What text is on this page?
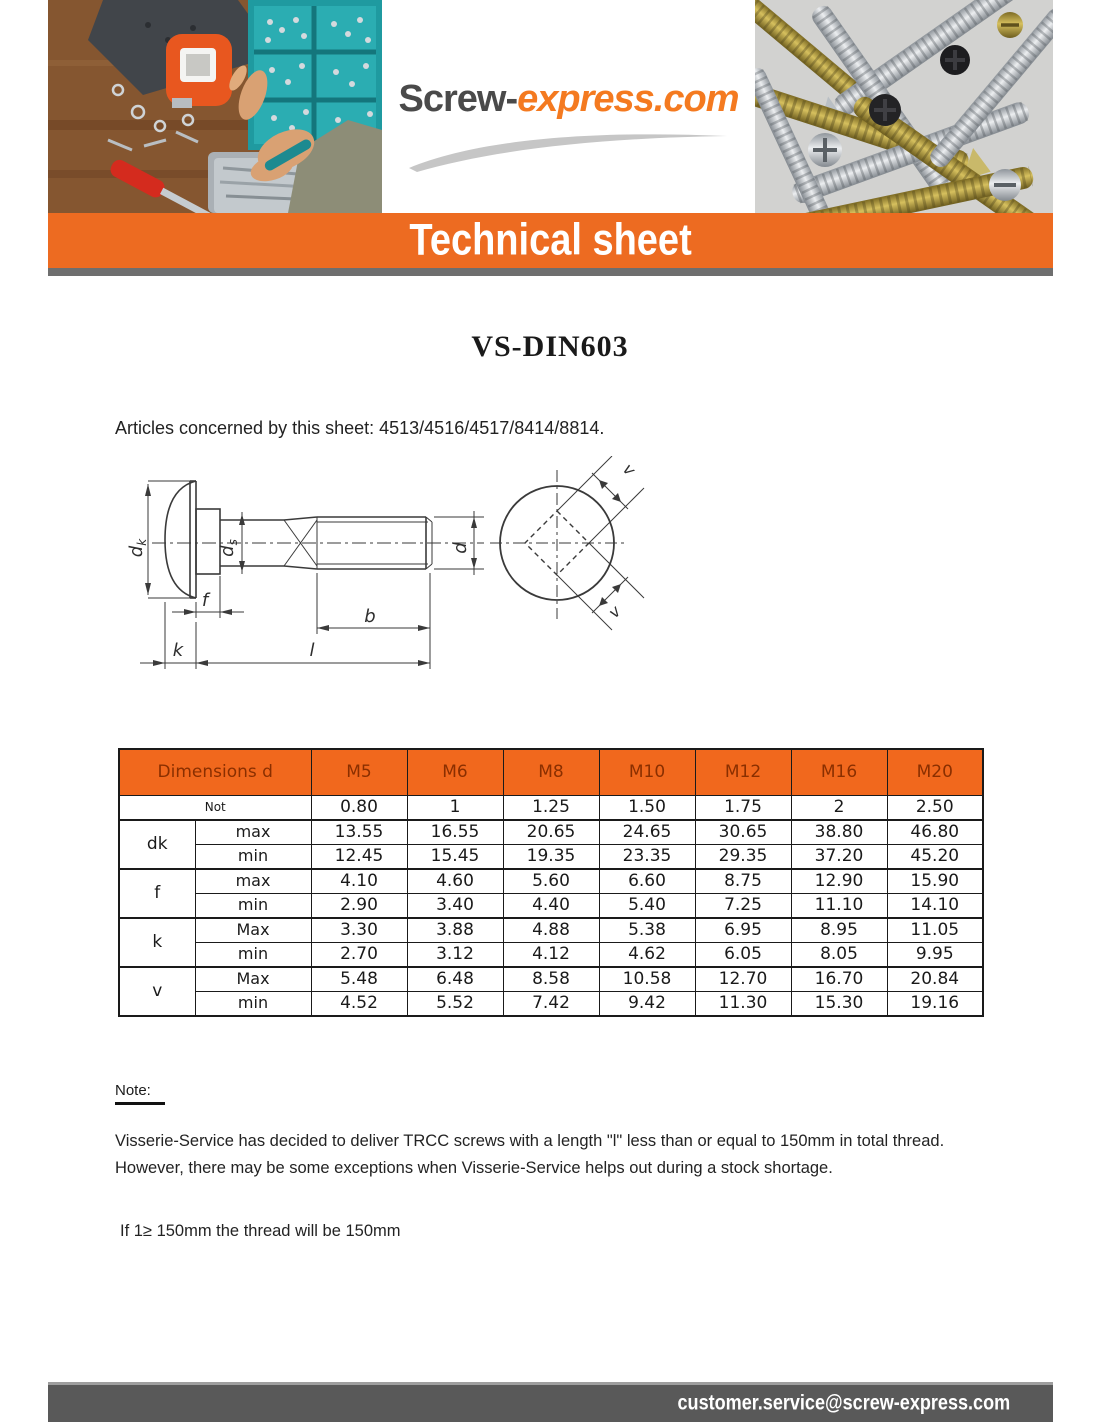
Screw-express.com
Technical sheet
VS-DIN603
Articles concerned by this sheet: 4513/4516/4517/8414/8814.
$d_k$
$d_s$	d
f
b
k	l
v
v
Dimensions d		M5	M6	M8	M10	M12	M16	M20
Not		0.80	1	1.25	1.50	1.75	2	2.50
dk	max	13.55	16.55	20.65	24.65	30.65	38.80	46.80
	min	12.45	15.45	19.35	23.35	29.35	37.20	45.20
f	max	4.10	4.60	5.60	6.60	8.75	12.90	15.90
	min	2.90	3.40	4.40	5.40	7.25	11.10	14.10
k	Max	3.30	3.88	4.88	5.38	6.95	8.95	11.05
	min	2.70	3.12	4.12	4.62	6.05	8.05	9.95
v	Max	5.48	6.48	8.58	10.58	12.70	16.70	20.84
	min	4.52	5.52	7.42	9.42	11.30	15.30	19.16
Note:
Visserie-Service has decided to deliver TRCC screws with a length "l" less than or equal to 150mm in total thread. However, there may be some exceptions when Visserie-Service helps out during a stock shortage.
If 1≥ 150mm the thread will be 150mm
customer.service@screw-express.com
